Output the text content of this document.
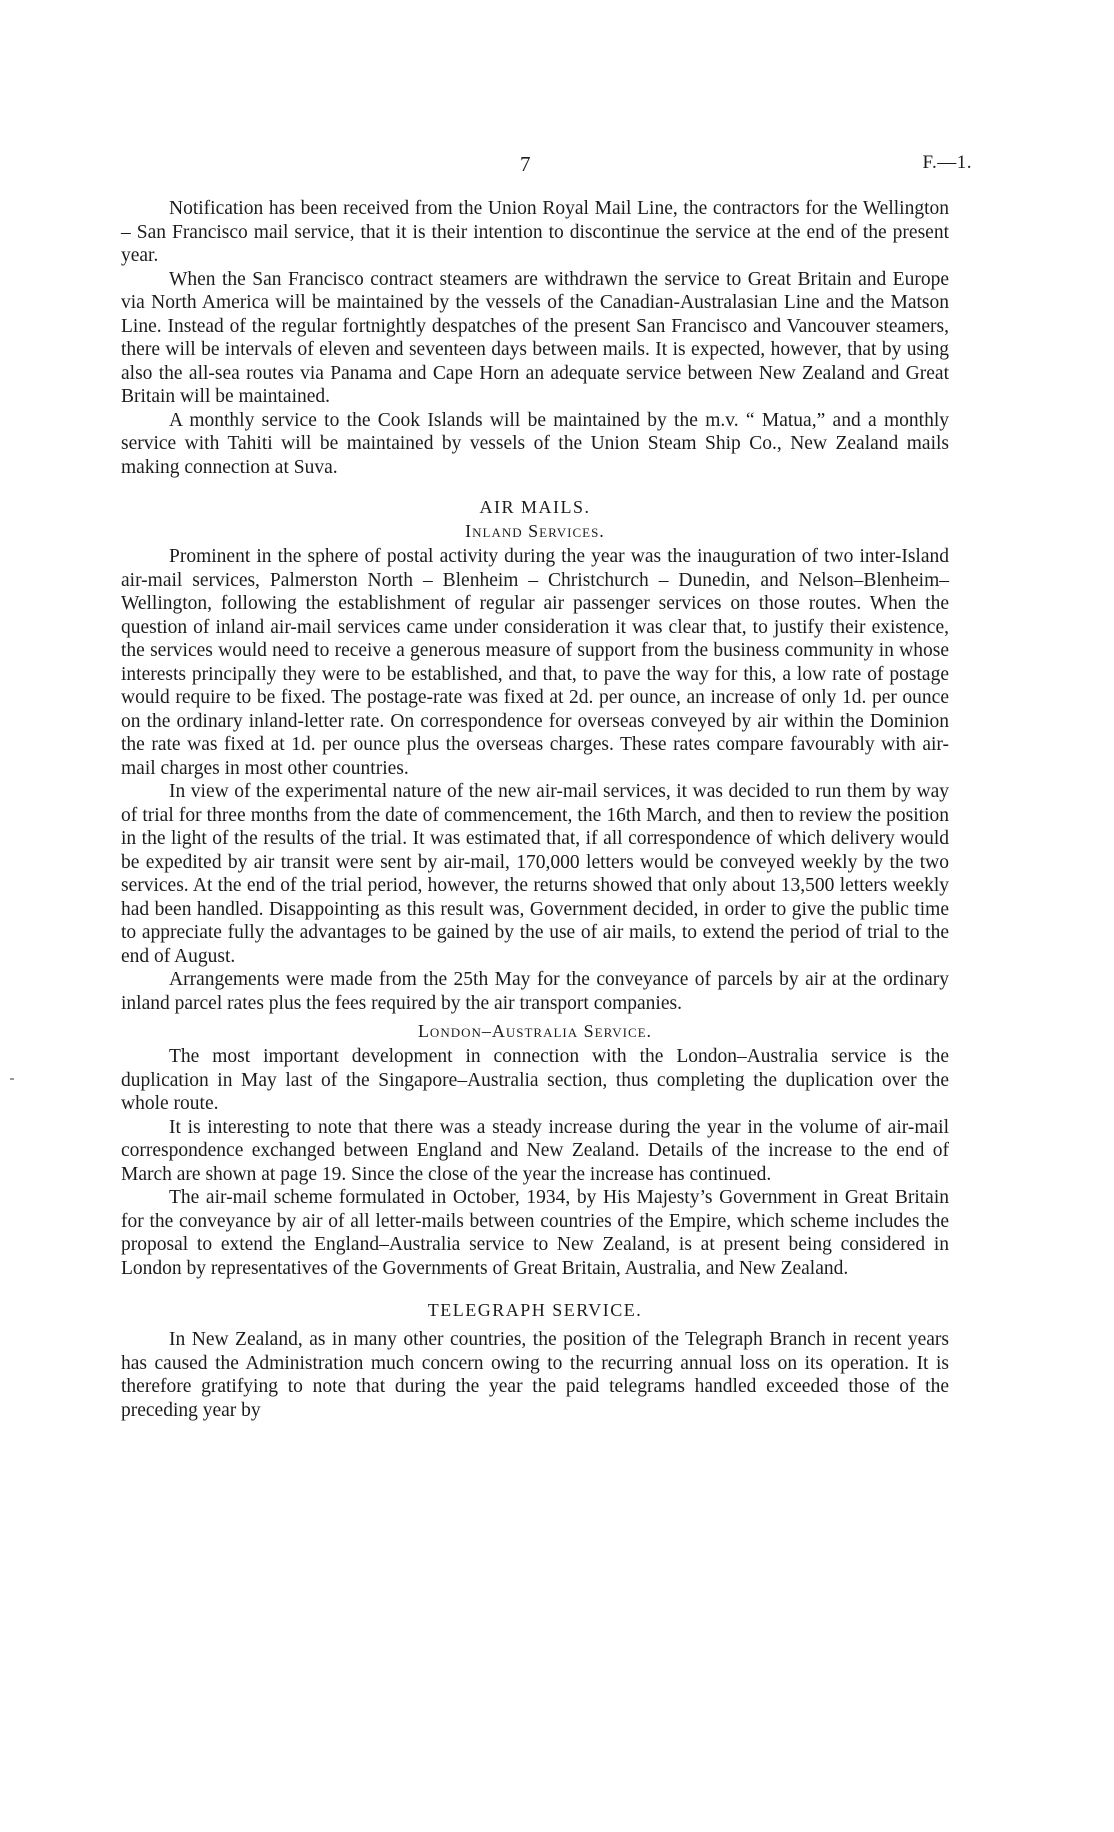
7	F.—1.

Notification has been received from the Union Royal Mail Line, the contractors for the Wellington – San Francisco mail service, that it is their intention to discontinue the service at the end of the present year.

When the San Francisco contract steamers are withdrawn the service to Great Britain and Europe via North America will be maintained by the vessels of the Canadian-Australasian Line and the Matson Line. Instead of the regular fortnightly despatches of the present San Francisco and Vancouver steamers, there will be intervals of eleven and seventeen days between mails. It is expected, however, that by using also the all-sea routes via Panama and Cape Horn an adequate service between New Zealand and Great Britain will be maintained.

A monthly service to the Cook Islands will be maintained by the m.v. “ Matua,” and a monthly service with Tahiti will be maintained by vessels of the Union Steam Ship Co., New Zealand mails making connection at Suva.

AIR MAILS.
Inland Services.

Prominent in the sphere of postal activity during the year was the inauguration of two inter-Island air-mail services, Palmerston North – Blenheim – Christchurch – Dunedin, and Nelson–Blenheim–Wellington, following the establishment of regular air passenger services on those routes. When the question of inland air-mail services came under consideration it was clear that, to justify their existence, the services would need to receive a generous measure of support from the business community in whose interests principally they were to be established, and that, to pave the way for this, a low rate of postage would require to be fixed. The postage-rate was fixed at 2d. per ounce, an increase of only 1d. per ounce on the ordinary inland-letter rate. On correspondence for overseas conveyed by air within the Dominion the rate was fixed at 1d. per ounce plus the overseas charges. These rates compare favourably with air-mail charges in most other countries.

In view of the experimental nature of the new air-mail services, it was decided to run them by way of trial for three months from the date of commencement, the 16th March, and then to review the position in the light of the results of the trial. It was estimated that, if all correspondence of which delivery would be expedited by air transit were sent by air-mail, 170,000 letters would be conveyed weekly by the two services. At the end of the trial period, however, the returns showed that only about 13,500 letters weekly had been handled. Disappointing as this result was, Government decided, in order to give the public time to appreciate fully the advantages to be gained by the use of air mails, to extend the period of trial to the end of August.

Arrangements were made from the 25th May for the conveyance of parcels by air at the ordinary inland parcel rates plus the fees required by the air transport companies.

London–Australia Service.

The most important development in connection with the London–Australia service is the duplication in May last of the Singapore–Australia section, thus completing the duplication over the whole route.

It is interesting to note that there was a steady increase during the year in the volume of air-mail correspondence exchanged between England and New Zealand. Details of the increase to the end of March are shown at page 19. Since the close of the year the increase has continued.

The air-mail scheme formulated in October, 1934, by His Majesty’s Government in Great Britain for the conveyance by air of all letter-mails between countries of the Empire, which scheme includes the proposal to extend the England–Australia service to New Zealand, is at present being considered in London by representatives of the Governments of Great Britain, Australia, and New Zealand.

TELEGRAPH SERVICE.

In New Zealand, as in many other countries, the position of the Telegraph Branch in recent years has caused the Administration much concern owing to the recurring annual loss on its operation. It is therefore gratifying to note that during the year the paid telegrams handled exceeded those of the preceding year by
